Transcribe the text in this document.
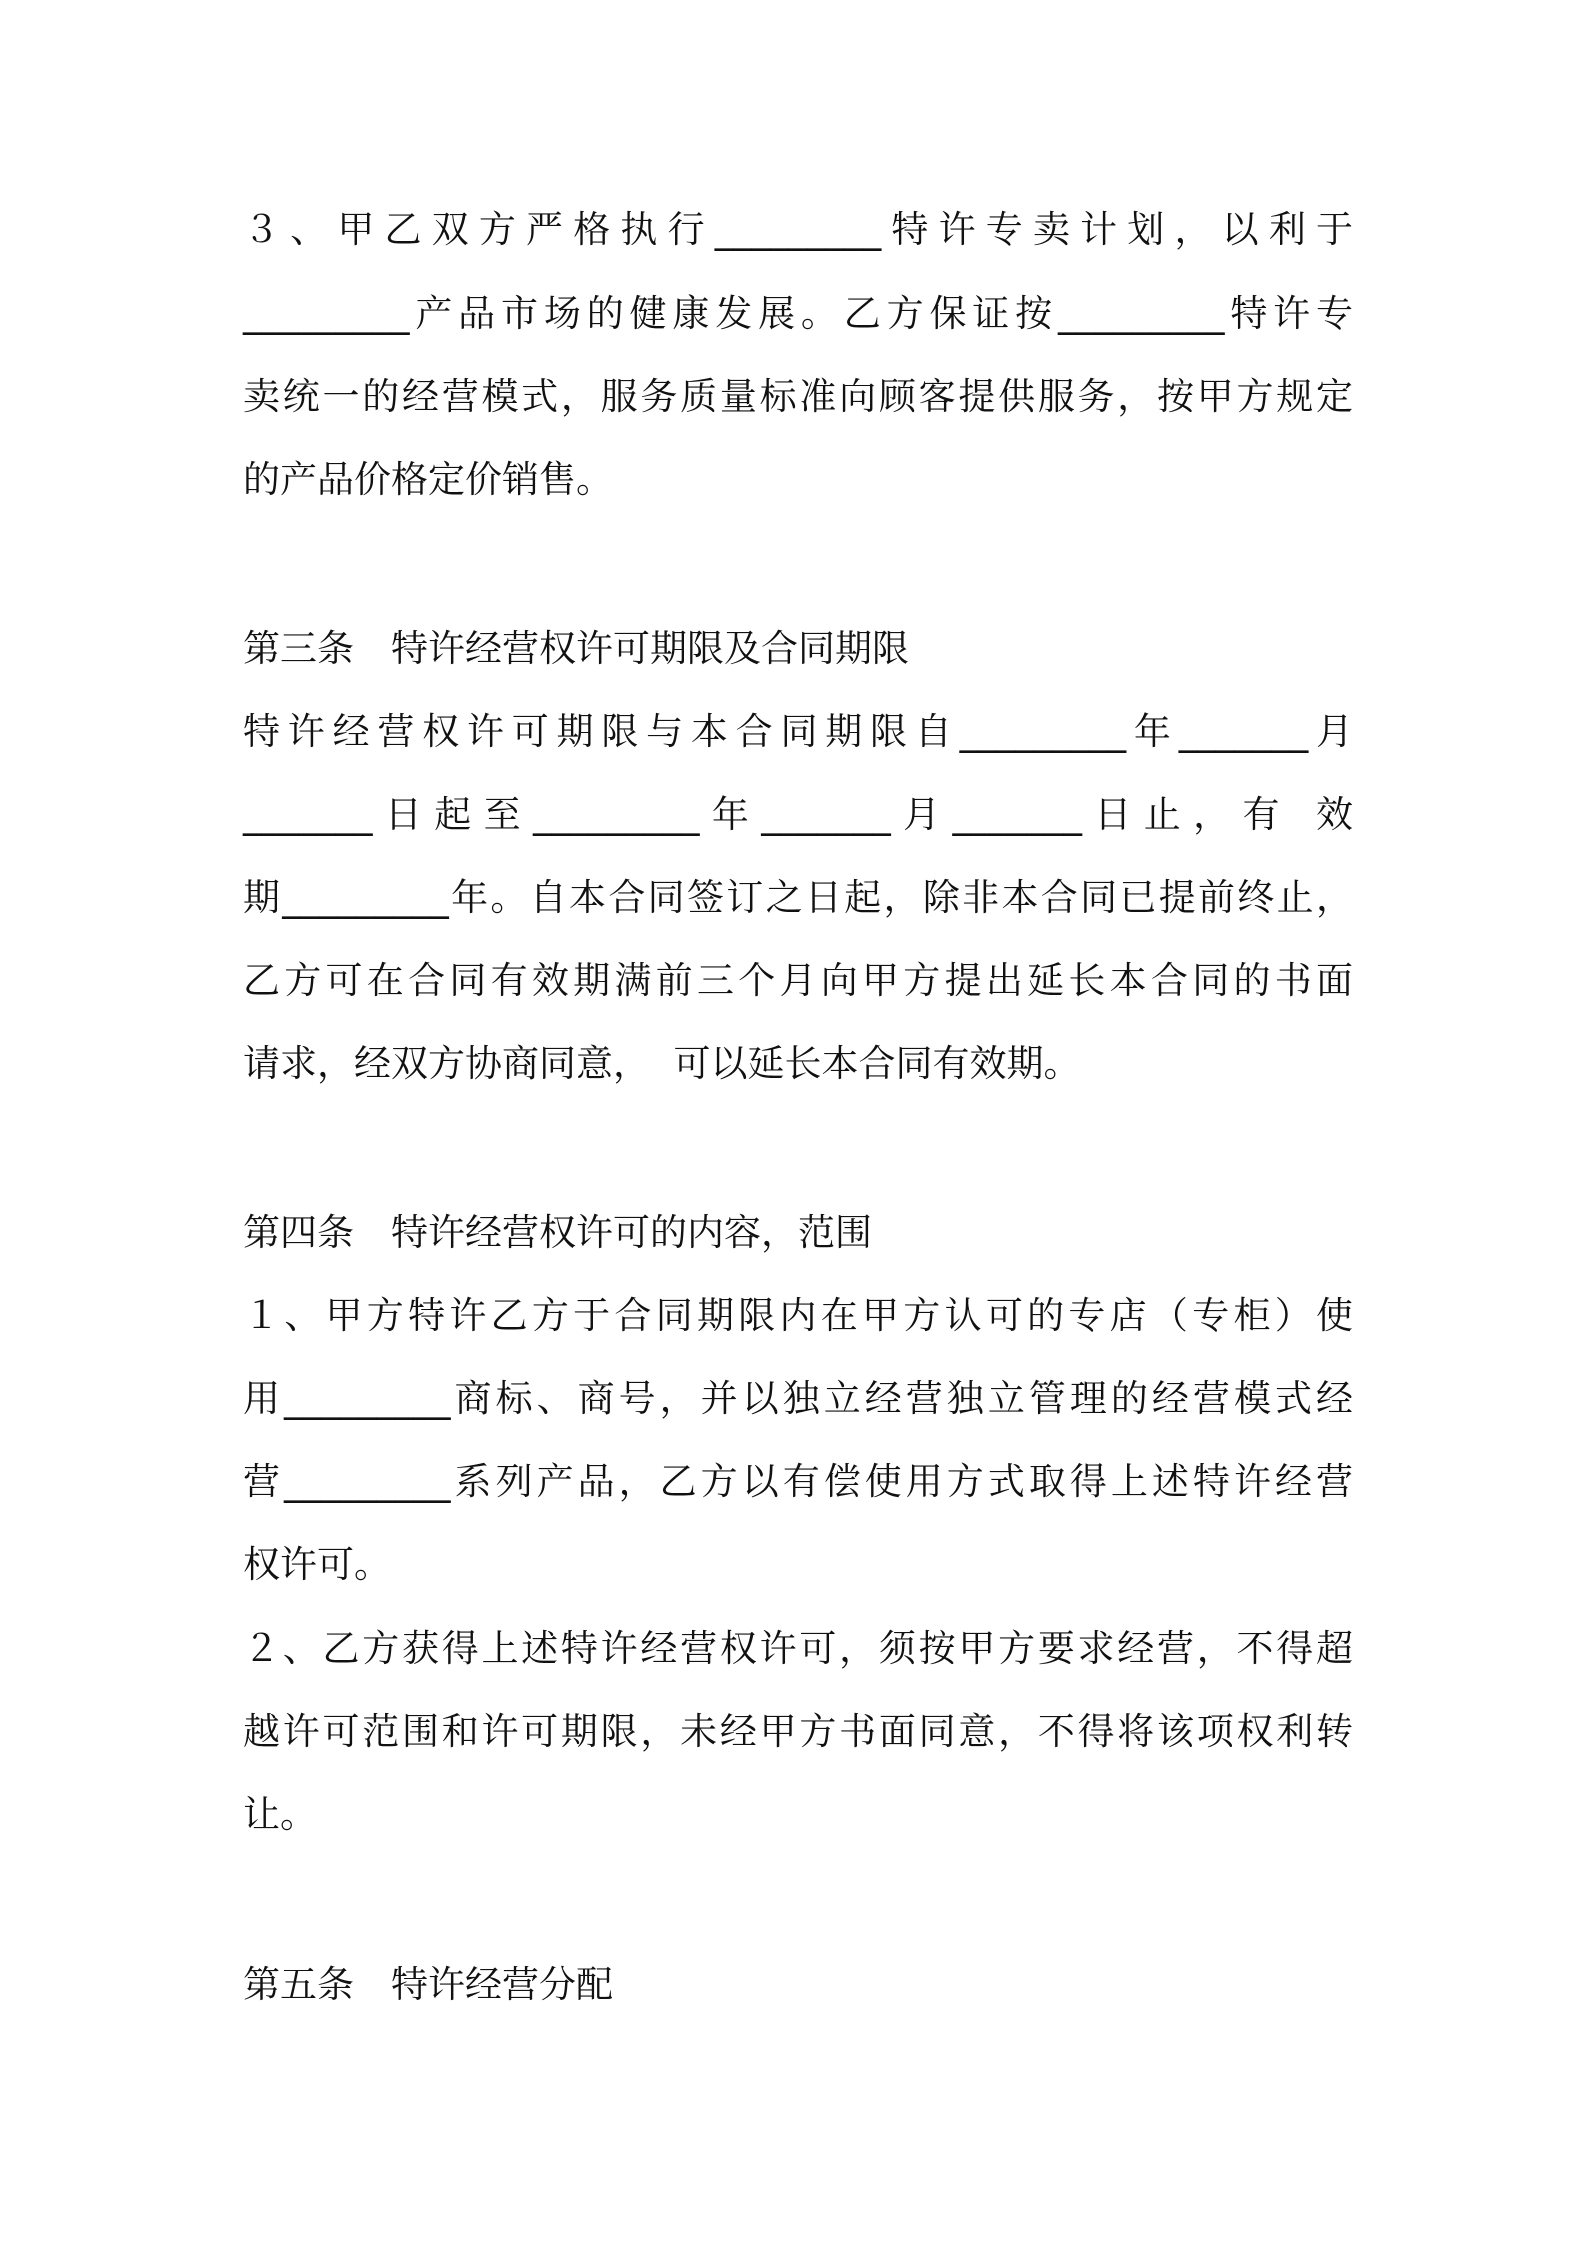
３、甲乙双方严格执行_________特许专卖计划，以利于
_________产品市场的健康发展。乙方保证按_________特许专
卖统一的经营模式，服务质量标准向顾客提供服务，按甲方规定
的产品价格定价销售。
第三条　特许经营权许可期限及合同期限
特许经营权许可期限与本合同期限自_________年_______月
_______日起至_________年_______月_______日止，有 效
期_________年。自本合同签订之日起，除非本合同已提前终止，
乙方可在合同有效期满前三个月向甲方提出延长本合同的书面
请求，经双方协商同意，  可以延长本合同有效期。
第四条　特许经营权许可的内容，范围
１、甲方特许乙方于合同期限内在甲方认可的专店（专柜）使
用_________商标、商号，并以独立经营独立管理的经营模式经
营_________系列产品，乙方以有偿使用方式取得上述特许经营
权许可。
２、乙方获得上述特许经营权许可，须按甲方要求经营，不得超
越许可范围和许可期限，未经甲方书面同意，不得将该项权利转
让。
第五条　特许经营分配
